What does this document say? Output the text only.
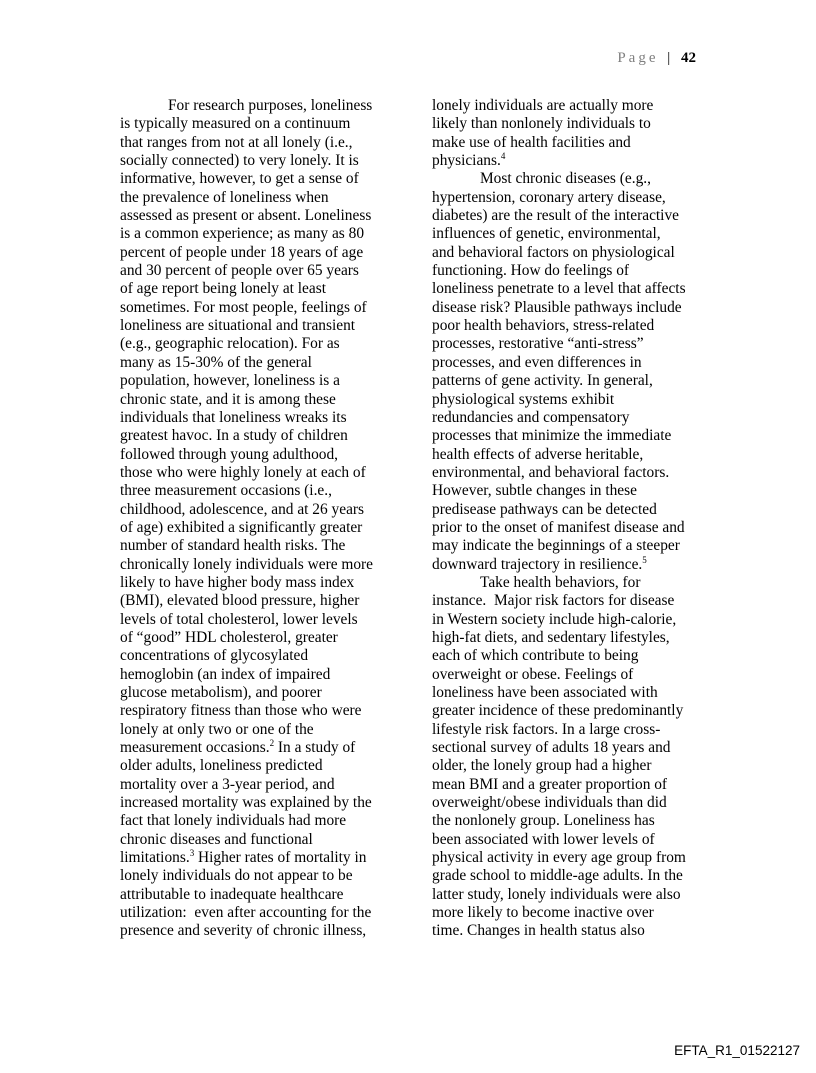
Page | 42
For research purposes, loneliness
is typically measured on a continuum
that ranges from not at all lonely (i.e.,
socially connected) to very lonely. It is
informative, however, to get a sense of
the prevalence of loneliness when
assessed as present or absent. Loneliness
is a common experience; as many as 80
percent of people under 18 years of age
and 30 percent of people over 65 years
of age report being lonely at least
sometimes. For most people, feelings of
loneliness are situational and transient
(e.g., geographic relocation). For as
many as 15-30% of the general
population, however, loneliness is a
chronic state, and it is among these
individuals that loneliness wreaks its
greatest havoc. In a study of children
followed through young adulthood,
those who were highly lonely at each of
three measurement occasions (i.e.,
childhood, adolescence, and at 26 years
of age) exhibited a significantly greater
number of standard health risks. The
chronically lonely individuals were more
likely to have higher body mass index
(BMI), elevated blood pressure, higher
levels of total cholesterol, lower levels
of “good” HDL cholesterol, greater
concentrations of glycosylated
hemoglobin (an index of impaired
glucose metabolism), and poorer
respiratory fitness than those who were
lonely at only two or one of the
measurement occasions.$^2$ In a study of
older adults, loneliness predicted
mortality over a 3-year period, and
increased mortality was explained by the
fact that lonely individuals had more
chronic diseases and functional
limitations.$^3$ Higher rates of mortality in
lonely individuals do not appear to be
attributable to inadequate healthcare
utilization:  even after accounting for the
presence and severity of chronic illness,
lonely individuals are actually more
likely than nonlonely individuals to
make use of health facilities and
physicians.$^4$
Most chronic diseases (e.g.,
hypertension, coronary artery disease,
diabetes) are the result of the interactive
influences of genetic, environmental,
and behavioral factors on physiological
functioning. How do feelings of
loneliness penetrate to a level that affects
disease risk? Plausible pathways include
poor health behaviors, stress-related
processes, restorative “anti-stress”
processes, and even differences in
patterns of gene activity. In general,
physiological systems exhibit
redundancies and compensatory
processes that minimize the immediate
health effects of adverse heritable,
environmental, and behavioral factors.
However, subtle changes in these
predisease pathways can be detected
prior to the onset of manifest disease and
may indicate the beginnings of a steeper
downward trajectory in resilience.$^5$
Take health behaviors, for
instance.  Major risk factors for disease
in Western society include high-calorie,
high-fat diets, and sedentary lifestyles,
each of which contribute to being
overweight or obese. Feelings of
loneliness have been associated with
greater incidence of these predominantly
lifestyle risk factors. In a large cross-
sectional survey of adults 18 years and
older, the lonely group had a higher
mean BMI and a greater proportion of
overweight/obese individuals than did
the nonlonely group. Loneliness has
been associated with lower levels of
physical activity in every age group from
grade school to middle-age adults. In the
latter study, lonely individuals were also
more likely to become inactive over
time. Changes in health status also
EFTA_R1_01522127
